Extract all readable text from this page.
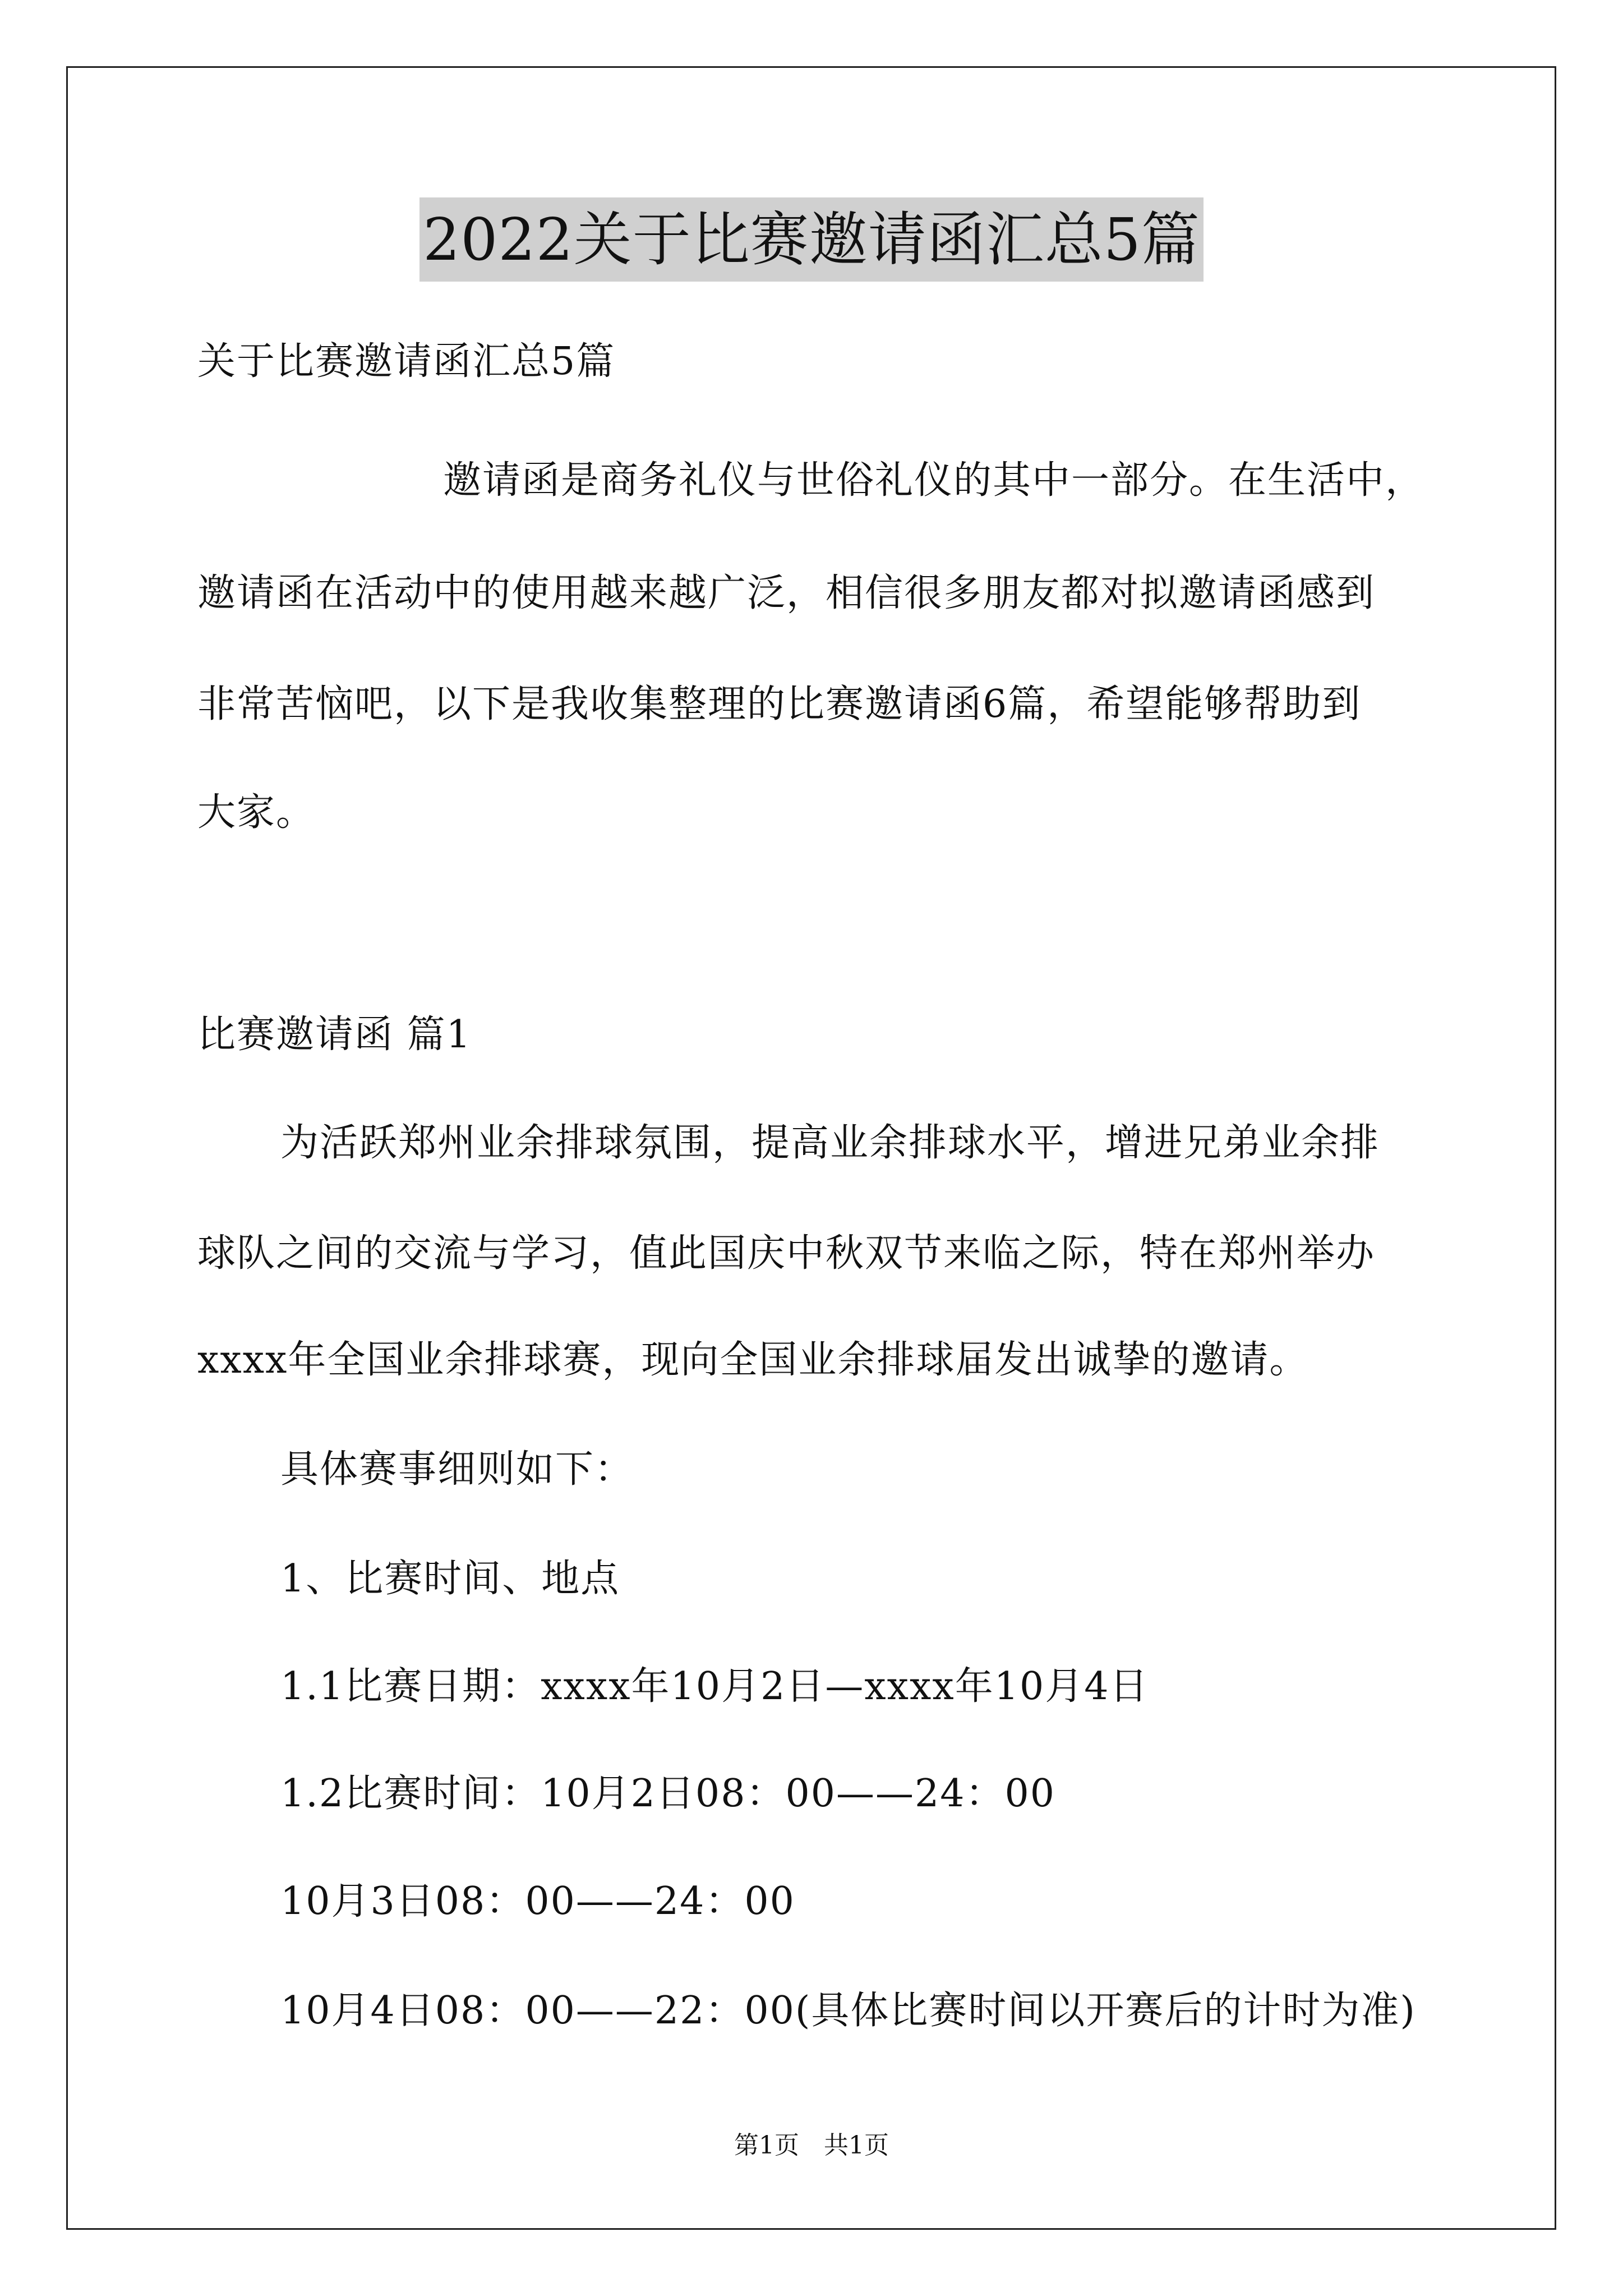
2022关于比赛邀请函汇总5篇
关于比赛邀请函汇总5篇
邀请函是商务礼仪与世俗礼仪的其中一部分。在生活中，
邀请函在活动中的使用越来越广泛，相信很多朋友都对拟邀请函感到
非常苦恼吧，以下是我收集整理的比赛邀请函6篇，希望能够帮助到
大家。
比赛邀请函 篇1
为活跃郑州业余排球氛围，提高业余排球水平，增进兄弟业余排
球队之间的交流与学习，值此国庆中秋双节来临之际，特在郑州举办
xxxx年全国业余排球赛，现向全国业余排球届发出诚挚的邀请。
具体赛事细则如下：
1、比赛时间、地点
1.1比赛日期：xxxx年10月2日—xxxx年10月4日
1.2比赛时间：10月2日08：00——24：00
10月3日08：00——24：00
10月4日08：00——22：00(具体比赛时间以开赛后的计时为准)
第1页　共1页
